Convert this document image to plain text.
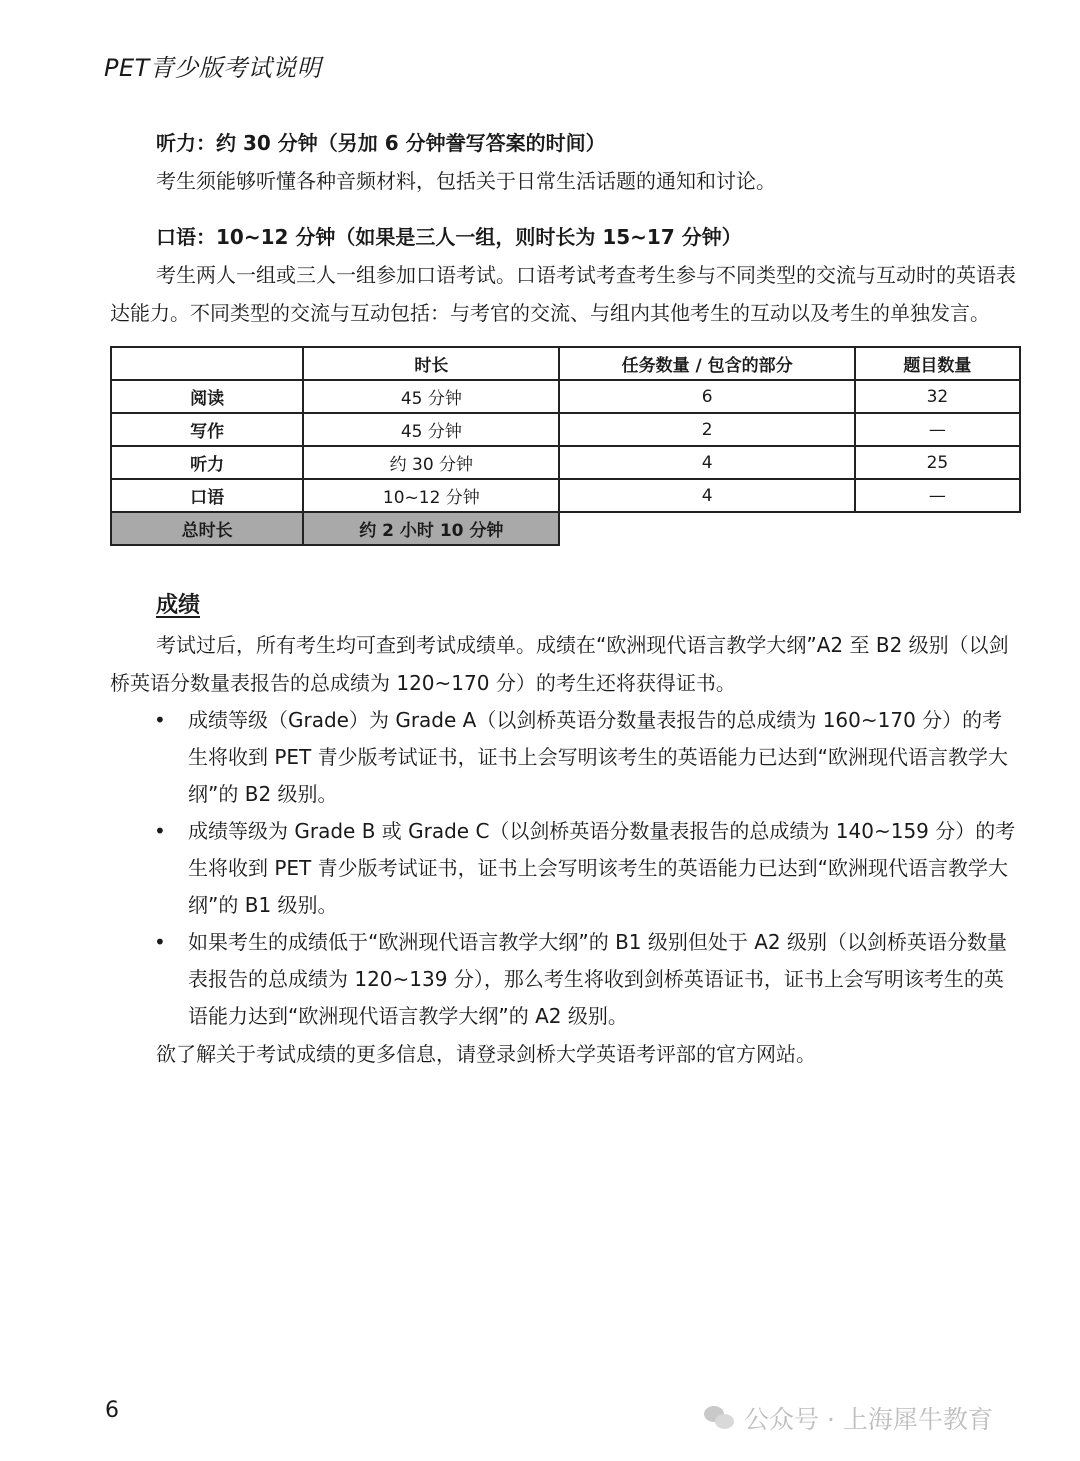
PET青少版考试说明
听力：约 30 分钟（另加 6 分钟誊写答案的时间）

考生须能够听懂各种音频材料，包括关于日常生活话题的通知和讨论。

口语：10~12 分钟（如果是三人一组，则时长为 15~17 分钟）

考生两人一组或三人一组参加口语考试。口语考试考查考生参与不同类型的交流与互动时的英语表达能力。不同类型的交流与互动包括：与考官的交流、与组内其他考生的互动以及考生的单独发言。

	时长	任务数量 / 包含的部分	题目数量
阅读	45 分钟	6	32
写作	45 分钟	2	—
听力	约 30 分钟	4	25
口语	10~12 分钟	4	—
总时长	约 2 小时 10 分钟		
成绩

考试过后，所有考生均可查到考试成绩单。成绩在“欧洲现代语言教学大纲”A2 至 B2 级别（以剑桥英语分数量表报告的总成绩为 120~170 分）的考生还将获得证书。

• 成绩等级（Grade）为 Grade A（以剑桥英语分数量表报告的总成绩为 160~170 分）的考生将收到 PET 青少版考试证书，证书上会写明该考生的英语能力已达到“欧洲现代语言教学大纲”的 B2 级别。
• 成绩等级为 Grade B 或 Grade C（以剑桥英语分数量表报告的总成绩为 140~159 分）的考生将收到 PET 青少版考试证书，证书上会写明该考生的英语能力已达到“欧洲现代语言教学大纲”的 B1 级别。
• 如果考生的成绩低于“欧洲现代语言教学大纲”的 B1 级别但处于 A2 级别（以剑桥英语分数量表报告的总成绩为 120~139 分），那么考生将收到剑桥英语证书，证书上会写明该考生的英语能力达到“欧洲现代语言教学大纲”的 A2 级别。

欲了解关于考试成绩的更多信息，请登录剑桥大学英语考评部的官方网站。

6	公众号 · 上海犀牛教育
